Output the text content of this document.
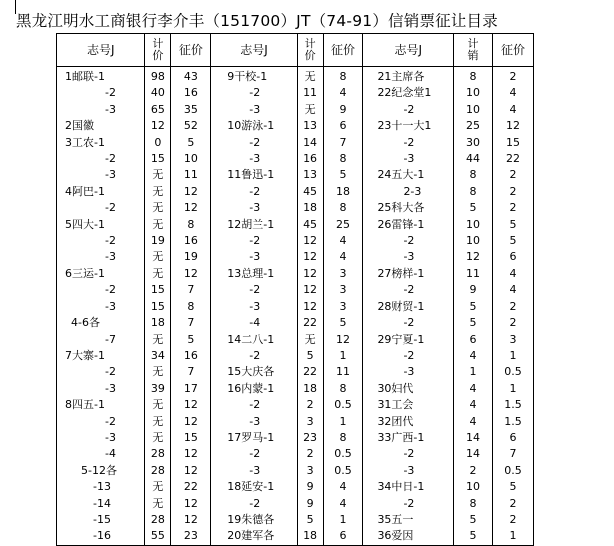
黑龙江明水工商银行李介丰（151700）JT（74-91）信销票征让目录
志号J	计价	征价	志号J	计价	征价	志号J	计销	征价
1邮联-1	98	43	9干校-1	无	8	21主席各	8	2
-2	40	16	-2	11	4	22纪念堂1	10	4
-3	65	35	-3	无	9	-2	10	4
2国徽	12	52	10游泳-1	13	6	23十一大1	25	12
3工农-1	0	5	-2	14	7	-2	30	15
-2	15	10	-3	16	8	-3	44	22
-3	无	11	11鲁迅-1	13	5	24五大-1	8	2
4阿巴-1	无	12	-2	45	18	2-3	8	2
-2	无	12	-3	18	8	25科大各	5	2
5四大-1	无	8	12胡兰-1	45	25	26雷锋-1	10	5
-2	19	16	-2	12	4	-2	10	5
-3	无	19	-3	12	4	-3	12	6
6三运-1	无	12	13总理-1	12	3	27榜样-1	11	4
-2	15	7	-2	12	3	-2	9	4
-3	15	8	-3	12	3	28财贸-1	5	2
4-6各	18	7	-4	22	5	-2	5	2
-7	无	5	14二八-1	无	12	29宁夏-1	6	3
7大寨-1	34	16	-2	5	1	-2	4	1
-2	无	7	15大庆各	22	11	-3	1	0.5
-3	39	17	16内蒙-1	18	8	30妇代	4	1
8四五-1	无	12	-2	2	0.5	31工会	4	1.5
-2	无	12	-3	3	1	32团代	4	1.5
-3	无	15	17罗马-1	23	8	33广西-1	14	6
-4	28	12	-2	2	0.5	-2	14	7
5-12各	28	12	-3	3	0.5	-3	2	0.5
-13	无	22	18延安-1	9	4	34中日-1	10	5
-14	无	12	-2	9	4	-2	8	2
-15	28	12	19朱德各	5	1	35五一	5	2
-16	55	23	20建军各	18	6	36爱因	5	1
